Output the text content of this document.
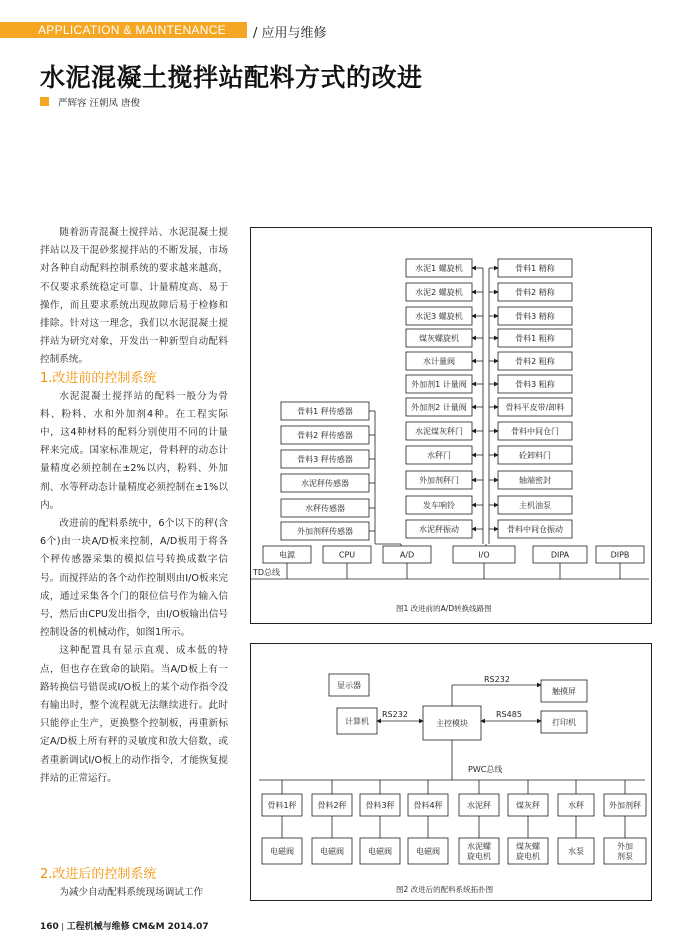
APPLICATION & MAINTENANCE / 应用与维修
水泥混凝土搅拌站配料方式的改进
严辉容 汪朝凤 唐俊

随着沥青混凝土搅拌站、水泥混凝土搅拌站以及干混砂浆搅拌站的不断发展，市场对各种自动配料控制系统的要求越来越高，不仅要求系统稳定可靠、计量精度高、易于操作，而且要求系统出现故障后易于检修和排除。针对这一理念，我们以水泥混凝土搅拌站为研究对象，开发出一种新型自动配料控制系统。

1.改进前的控制系统

水泥混凝土搅拌站的配料一般分为骨料、粉料、水和外加剂4种。在工程实际中，这4种材料的配料分别使用不同的计量秤来完成。国家标准规定，骨料秤的动态计量精度必须控制在±2%以内，粉料、外加剂、水等秤动态计量精度必须控制在±1%以内。

改进前的配料系统中，6个以下的秤(含6个)由一块A/D板来控制，A/D板用于将各个秤传感器采集的模拟信号转换成数字信号。而搅拌站的各个动作控制则由I/O板来完成，通过采集各个门的限位信号作为输入信号，然后由CPU发出指令，由I/O板输出信号控制设备的机械动作，如图1所示。

这种配置具有显示直观、成本低的特点，但也存在致命的缺陷。当A/D板上有一路转换信号错误或I/O板上的某个动作指令没有输出时，整个流程就无法继续进行。此时只能停止生产，更换整个控制板，再重新标定A/D板上所有秤的灵敏度和放大倍数，或者重新调试I/O板上的动作指令，才能恢复搅拌站的正常运行。

2.改进后的控制系统

为减少自动配料系统现场调试工作

水泥1 螺旋机
水泥2 螺旋机
水泥3 螺旋机
煤灰螺旋机
水计量阀
外加剂1 计量阀
外加剂2 计量阀
水泥煤灰秤门
水秤门
外加剂秤门
发车响铃
水泥秤振动
骨料1 精称
骨料2 精称
骨料3 精称
骨料1 粗称
骨料2 粗称
骨料3 粗称
骨料平皮带/卸料
骨料中间仓门
砼卸料门
轴端密封
主机油泵
骨料中间仓振动
骨料1 秤传感器
骨料2 秤传感器
骨料3 秤传感器
水泥秤传感器
水秤传感器
外加剂秤传感器
电源	CPU	A/D	I/O	DIPA	DIPB
TD总线
图1 改进前的A/D转换线路图
显示器
计算机	主控模块
触摸屏
打印机
RS232
RS232	RS485
PWC总线
骨料1秤
电磁阀
骨料2秤
电磁阀
骨料3秤
电磁阀
骨料4秤
电磁阀
水泥秤
水泥螺
旋电机
煤灰秤
煤灰螺
旋电机
水秤
水泵
外加剂秤
外加
剂泵
图2 改进后的配料系统拓扑图
160 | 工程机械与维修 CM&M 2014.07
